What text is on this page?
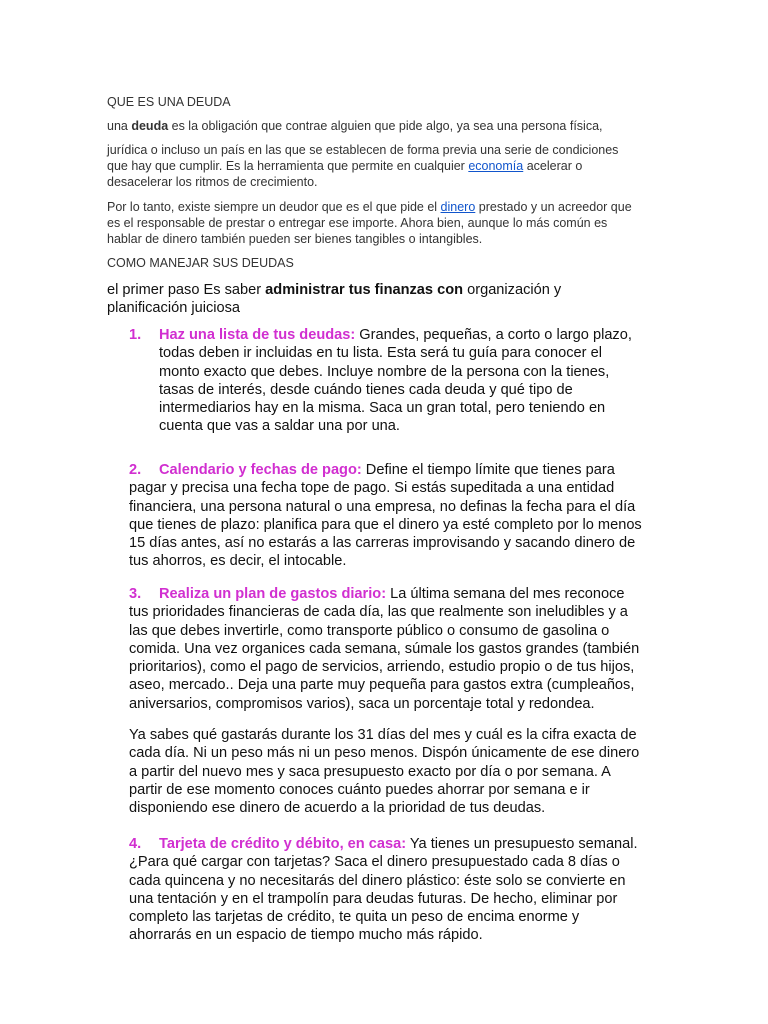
QUE ES UNA DEUDA
una deuda es la obligación que contrae alguien que pide algo, ya sea una persona física,
jurídica o incluso un país en las que se establecen de forma previa una serie de condiciones
que hay que cumplir. Es la herramienta que permite en cualquier economía acelerar o
desacelerar los ritmos de crecimiento.
Por lo tanto, existe siempre un deudor que es el que pide el dinero prestado y un acreedor que
es el responsable de prestar o entregar ese importe. Ahora bien, aunque lo más común es
hablar de dinero también pueden ser bienes tangibles o intangibles.
COMO MANEJAR SUS DEUDAS
el primer paso Es saber administrar tus finanzas con organización y
planificación juiciosa
1. Haz una lista de tus deudas: Grandes, pequeñas, a corto o largo plazo,
todas deben ir incluidas en tu lista. Esta será tu guía para conocer el
monto exacto que debes. Incluye nombre de la persona con la tienes,
tasas de interés, desde cuándo tienes cada deuda y qué tipo de
intermediarios hay en la misma. Saca un gran total, pero teniendo en
cuenta que vas a saldar una por una.
2. Calendario y fechas de pago: Define el tiempo límite que tienes para
pagar y precisa una fecha tope de pago. Si estás supeditada a una entidad
financiera, una persona natural o una empresa, no definas la fecha para el día
que tienes de plazo: planifica para que el dinero ya esté completo por lo menos
15 días antes, así no estarás a las carreras improvisando y sacando dinero de
tus ahorros, es decir, el intocable.
3. Realiza un plan de gastos diario: La última semana del mes reconoce
tus prioridades financieras de cada día, las que realmente son ineludibles y a
las que debes invertirle, como transporte público o consumo de gasolina o
comida. Una vez organices cada semana, súmale los gastos grandes (también
prioritarios), como el pago de servicios, arriendo, estudio propio o de tus hijos,
aseo, mercado.. Deja una parte muy pequeña para gastos extra (cumpleaños,
aniversarios, compromisos varios), saca un porcentaje total y redondea.
Ya sabes qué gastarás durante los 31 días del mes y cuál es la cifra exacta de
cada día. Ni un peso más ni un peso menos. Dispón únicamente de ese dinero
a partir del nuevo mes y saca presupuesto exacto por día o por semana. A
partir de ese momento conoces cuánto puedes ahorrar por semana e ir
disponiendo ese dinero de acuerdo a la prioridad de tus deudas.
4. Tarjeta de crédito y débito, en casa: Ya tienes un presupuesto semanal.
¿Para qué cargar con tarjetas? Saca el dinero presupuestado cada 8 días o
cada quincena y no necesitarás del dinero plástico: éste solo se convierte en
una tentación y en el trampolín para deudas futuras. De hecho, eliminar por
completo las tarjetas de crédito, te quita un peso de encima enorme y
ahorrarás en un espacio de tiempo mucho más rápido.
